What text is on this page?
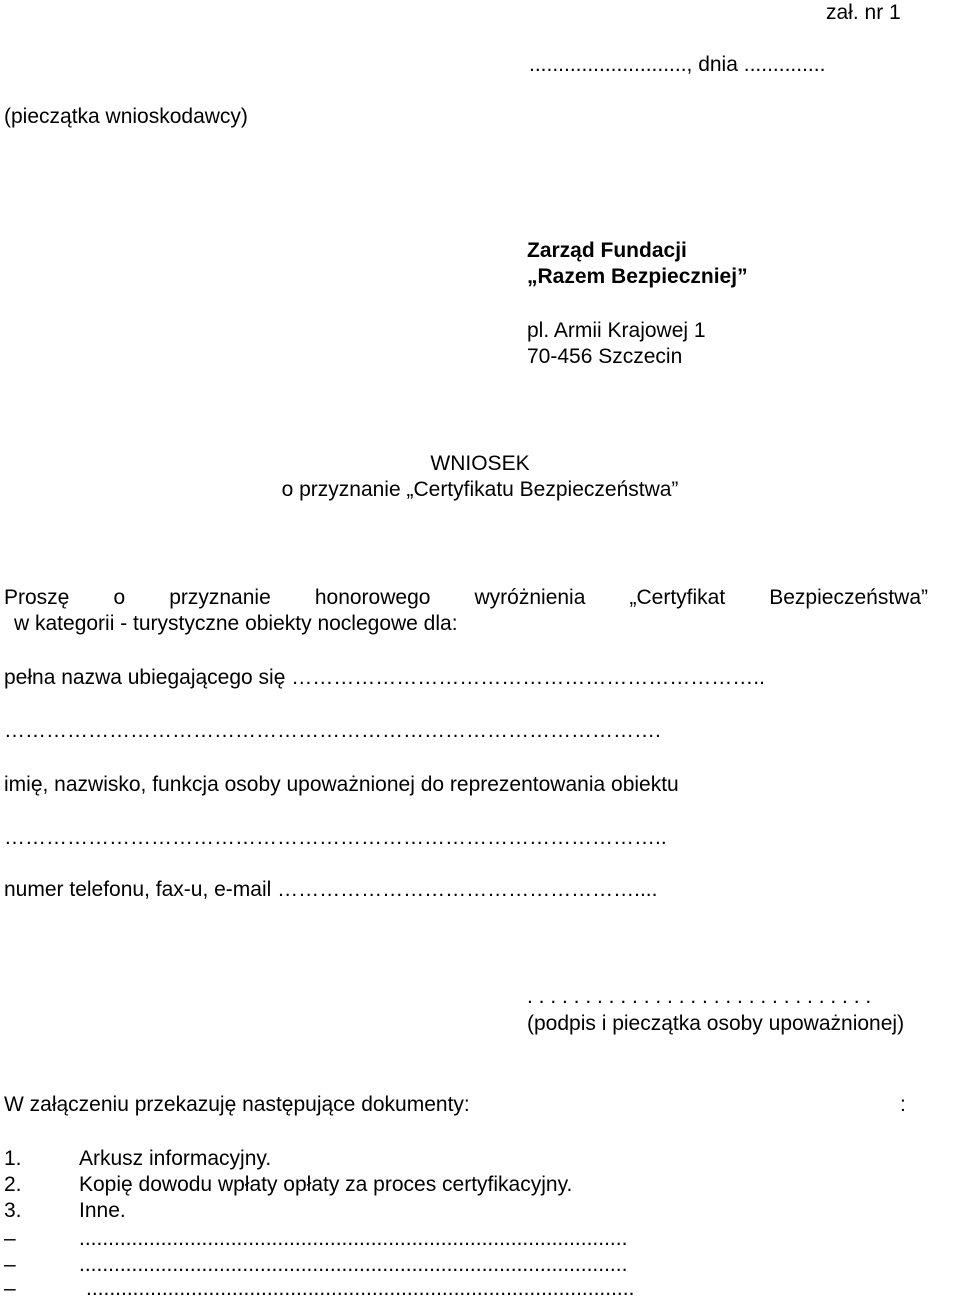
zał. nr 1
..........................., dnia ..............
(pieczątka wnioskodawcy)
Zarząd Fundacji
„Razem Bezpieczniej”
pl. Armii Krajowej 1
70-456 Szczecin
WNIOSEK
o przyznanie „Certyfikatu Bezpieczeństwa”
Proszę o przyznanie honorowego wyróżnienia „Certyfikat Bezpieczeństwa”
w kategorii - turystyczne obiekty noclegowe dla:
pełna nazwa ubiegającego się …………………………………………………………..
………………………………………………………………………………….
imię, nazwisko, funkcja osoby upoważnionej do reprezentowania obiektu
…………………………………………………………………………………..
numer telefonu, fax-u, e-mail ……………………………………………....
. . . . . . . . . . . . . . . . . . . . . . . . . . . . . .
(podpis i pieczątka osoby upoważnionej)
W załączeniu przekazuję następujące dokumenty:	:
1.	Arkusz informacyjny.
2.	Kopię dowodu wpłaty opłaty za proces certyfikacyjny.
3.	Inne.
–	..............................................................................................
–	..............................................................................................
–	..............................................................................................
